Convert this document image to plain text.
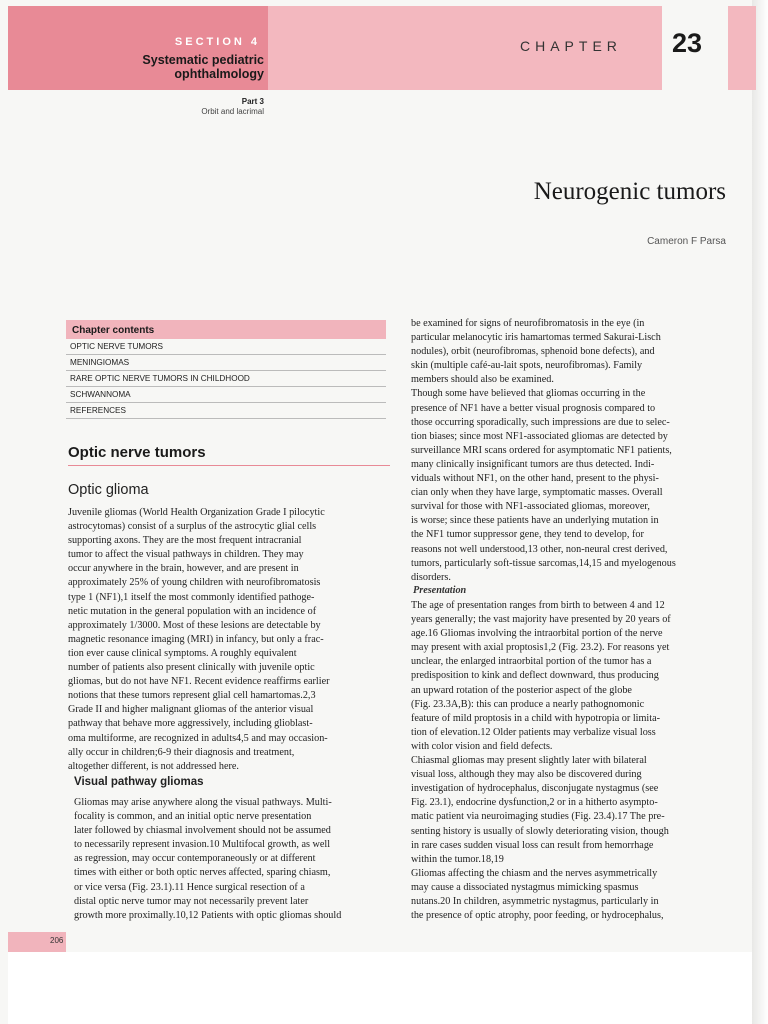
SECTION 4
Systematic pediatric
ophthalmology
CHAPTER 23
Part 3
Orbit and lacrimal
Neurogenic tumors
Cameron F Parsa
Chapter contents
OPTIC NERVE TUMORS
MENINGIOMAS
RARE OPTIC NERVE TUMORS IN CHILDHOOD
SCHWANNOMA
REFERENCES
Optic nerve tumors
Optic glioma
Juvenile gliomas (World Health Organization Grade I pilocytic
astrocytomas) consist of a surplus of the astrocytic glial cells
supporting axons. They are the most frequent intracranial
tumor to affect the visual pathways in children. They may
occur anywhere in the brain, however, and are present in
approximately 25% of young children with neurofibromatosis
type 1 (NF1),1 itself the most commonly identified pathoge-
netic mutation in the general population with an incidence of
approximately 1/3000. Most of these lesions are detectable by
magnetic resonance imaging (MRI) in infancy, but only a frac-
tion ever cause clinical symptoms. A roughly equivalent
number of patients also present clinically with juvenile optic
gliomas, but do not have NF1. Recent evidence reaffirms earlier
notions that these tumors represent glial cell hamartomas.2,3
Grade II and higher malignant gliomas of the anterior visual
pathway that behave more aggressively, including glioblast-
oma multiforme, are recognized in adults4,5 and may occasion-
ally occur in children;6-9 their diagnosis and treatment,
altogether different, is not addressed here.
Visual pathway gliomas
Gliomas may arise anywhere along the visual pathways. Multi-
focality is common, and an initial optic nerve presentation
later followed by chiasmal involvement should not be assumed
to necessarily represent invasion.10 Multifocal growth, as well
as regression, may occur contemporaneously or at different
times with either or both optic nerves affected, sparing chiasm,
or vice versa (Fig. 23.1).11 Hence surgical resection of a
distal optic nerve tumor may not necessarily prevent later
growth more proximally.10,12 Patients with optic gliomas should
be examined for signs of neurofibromatosis in the eye (in
particular melanocytic iris hamartomas termed Sakurai-Lisch
nodules), orbit (neurofibromas, sphenoid bone defects), and
skin (multiple café-au-lait spots, neurofibromas). Family
members should also be examined.
Though some have believed that gliomas occurring in the
presence of NF1 have a better visual prognosis compared to
those occurring sporadically, such impressions are due to selec-
tion biases; since most NF1-associated gliomas are detected by
surveillance MRI scans ordered for asymptomatic NF1 patients,
many clinically insignificant tumors are thus detected. Indi-
viduals without NF1, on the other hand, present to the physi-
cian only when they have large, symptomatic masses. Overall
survival for those with NF1-associated gliomas, moreover,
is worse; since these patients have an underlying mutation in
the NF1 tumor suppressor gene, they tend to develop, for
reasons not well understood,13 other, non-neural crest derived,
tumors, particularly soft-tissue sarcomas,14,15 and myelogenous
disorders.
Presentation
The age of presentation ranges from birth to between 4 and 12
years generally; the vast majority have presented by 20 years of
age.16 Gliomas involving the intraorbital portion of the nerve
may present with axial proptosis1,2 (Fig. 23.2). For reasons yet
unclear, the enlarged intraorbital portion of the tumor has a
predisposition to kink and deflect downward, thus producing
an upward rotation of the posterior aspect of the globe
(Fig. 23.3A,B): this can produce a nearly pathognomonic
feature of mild proptosis in a child with hypotropia or limita-
tion of elevation.12 Older patients may verbalize visual loss
with color vision and field defects.
Chiasmal gliomas may present slightly later with bilateral
visual loss, although they may also be discovered during
investigation of hydrocephalus, disconjugate nystagmus (see
Fig. 23.1), endocrine dysfunction,2 or in a hitherto asympto-
matic patient via neuroimaging studies (Fig. 23.4).17 The pre-
senting history is usually of slowly deteriorating vision, though
in rare cases sudden visual loss can result from hemorrhage
within the tumor.18,19
Gliomas affecting the chiasm and the nerves asymmetrically
may cause a dissociated nystagmus mimicking spasmus
nutans.20 In children, asymmetric nystagmus, particularly in
the presence of optic atrophy, poor feeding, or hydrocephalus,
206
